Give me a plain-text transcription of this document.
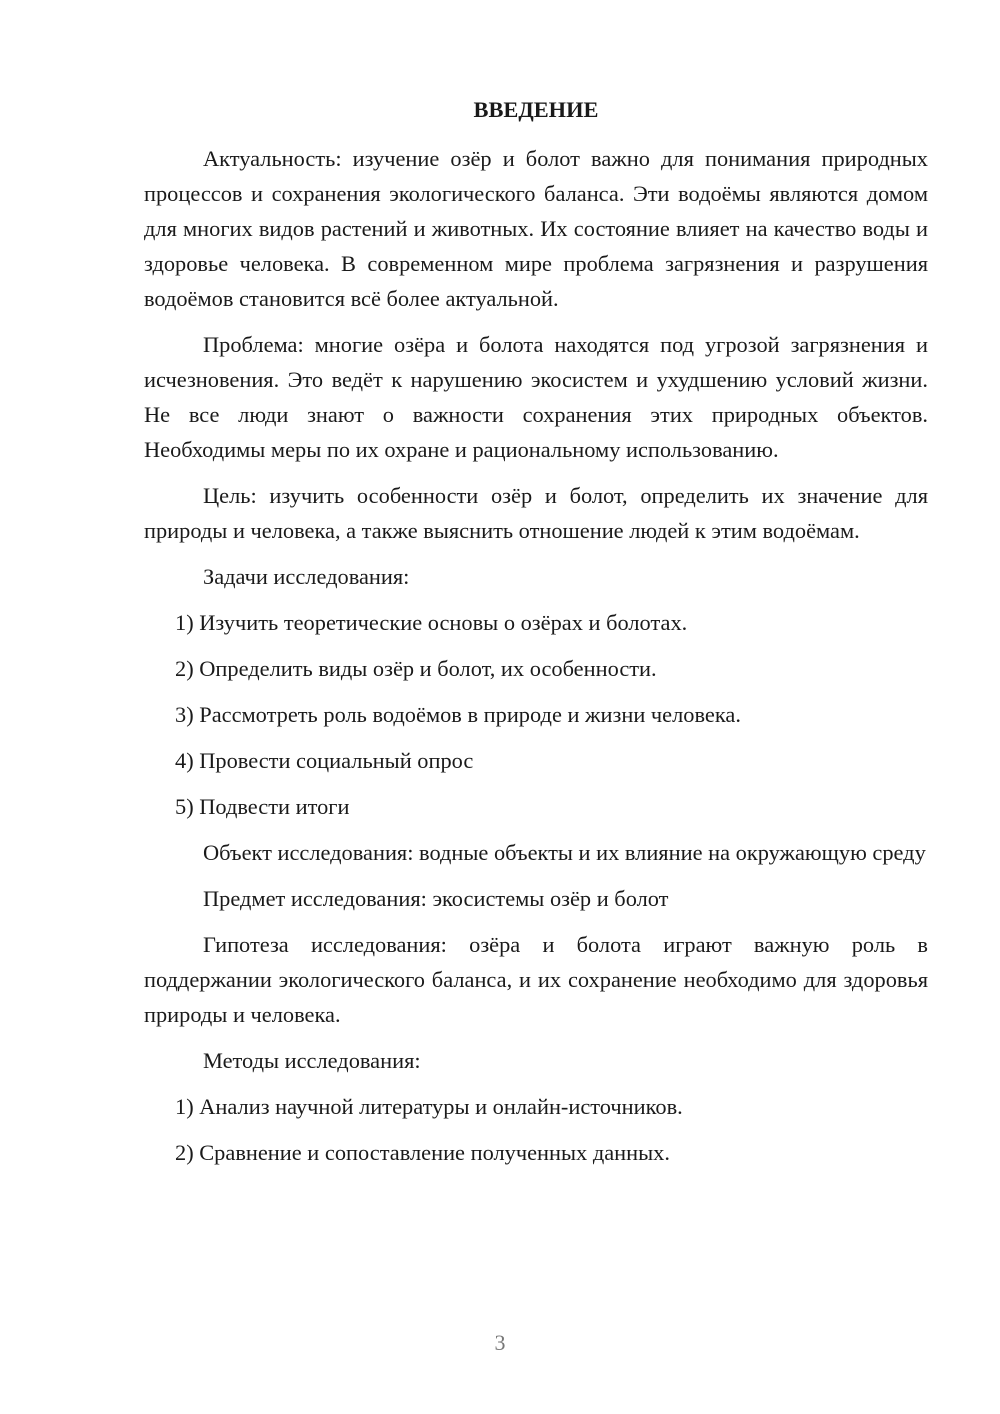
ВВЕДЕНИЕ

Актуальность: изучение озёр и болот важно для понимания природных процессов и сохранения экологического баланса. Эти водоёмы являются домом для многих видов растений и животных. Их состояние влияет на качество воды и здоровье человека. В современном мире проблема загрязнения и разрушения водоёмов становится всё более актуальной.

Проблема: многие озёра и болота находятся под угрозой загрязнения и исчезновения. Это ведёт к нарушению экосистем и ухудшению условий жизни. Не все люди знают о важности сохранения этих природных объектов. Необходимы меры по их охране и рациональному использованию.

Цель: изучить особенности озёр и болот, определить их значение для природы и человека, а также выяснить отношение людей к этим водоёмам.

Задачи исследования:

1) Изучить теоретические основы о озёрах и болотах.
2) Определить виды озёр и болот, их особенности.
3) Рассмотреть роль водоёмов в природе и жизни человека.
4) Провести социальный опрос
5) Подвести итоги

Объект исследования: водные объекты и их влияние на окружающую среду

Предмет исследования: экосистемы озёр и болот

Гипотеза исследования: озёра и болота играют важную роль в поддержании экологического баланса, и их сохранение необходимо для здоровья природы и человека.

Методы исследования:

1) Анализ научной литературы и онлайн-источников.
2) Сравнение и сопоставление полученных данных.
3
